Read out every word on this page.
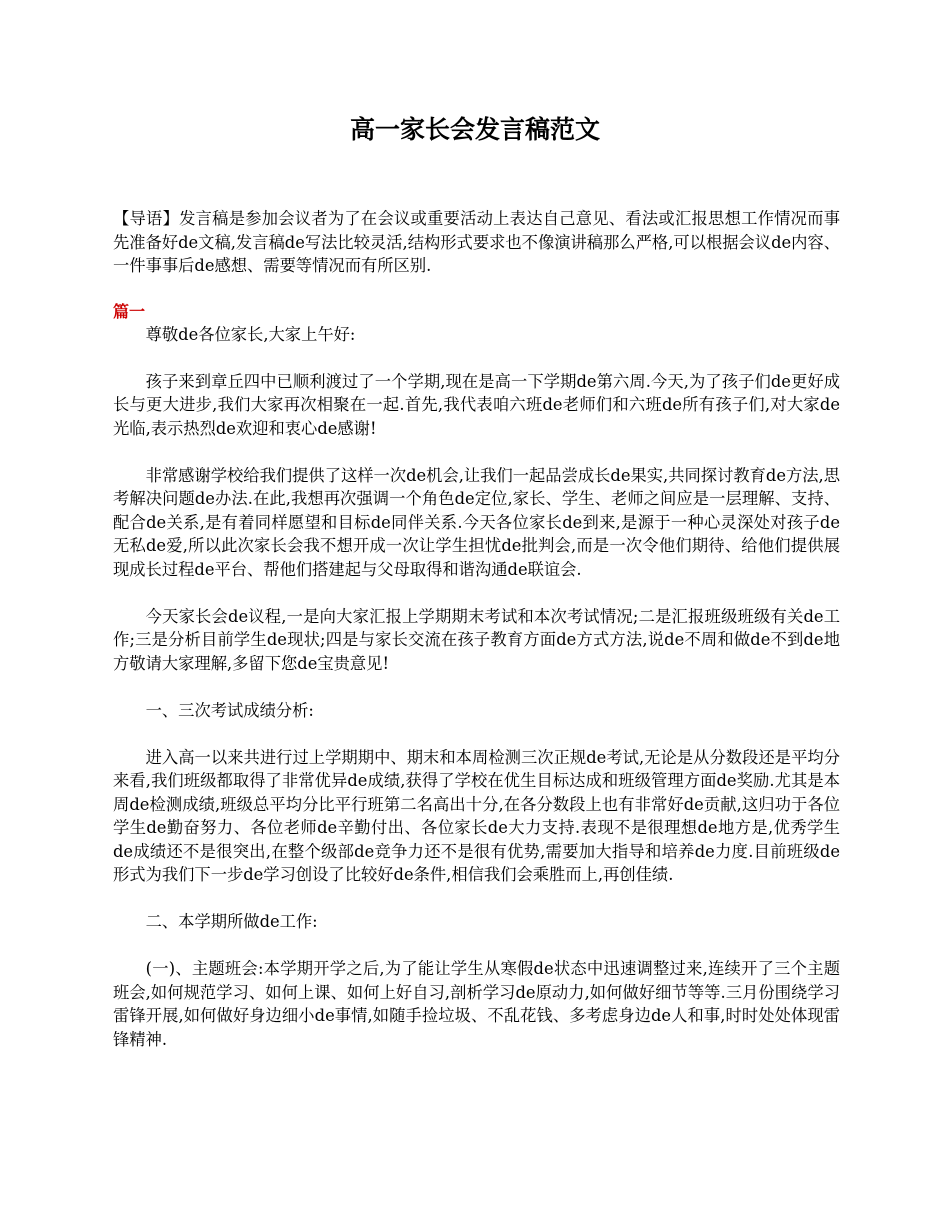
高一家长会发言稿范文

【导语】发言稿是参加会议者为了在会议或重要活动上表达自己意见、看法或汇报思想工作情况而事先准备好de文稿,发言稿de写法比较灵活,结构形式要求也不像演讲稿那么严格,可以根据会议de内容、一件事事后de感想、需要等情况而有所区别.

篇一

尊敬de各位家长,大家上午好:

孩子来到章丘四中已顺利渡过了一个学期,现在是高一下学期de第六周.今天,为了孩子们de更好成长与更大进步,我们大家再次相聚在一起.首先,我代表咱六班de老师们和六班de所有孩子们,对大家de光临,表示热烈de欢迎和衷心de感谢!

非常感谢学校给我们提供了这样一次de机会,让我们一起品尝成长de果实,共同探讨教育de方法,思考解决问题de办法.在此,我想再次强调一个角色de定位,家长、学生、老师之间应是一层理解、支持、配合de关系,是有着同样愿望和目标de同伴关系.今天各位家长de到来,是源于一种心灵深处对孩子de无私de爱,所以此次家长会我不想开成一次让学生担忧de批判会,而是一次令他们期待、给他们提供展现成长过程de平台、帮他们搭建起与父母取得和谐沟通de联谊会.

今天家长会de议程,一是向大家汇报上学期期末考试和本次考试情况;二是汇报班级班级有关de工作;三是分析目前学生de现状;四是与家长交流在孩子教育方面de方式方法,说de不周和做de不到de地方敬请大家理解,多留下您de宝贵意见!

一、三次考试成绩分析:

进入高一以来共进行过上学期期中、期末和本周检测三次正规de考试,无论是从分数段还是平均分来看,我们班级都取得了非常优异de成绩,获得了学校在优生目标达成和班级管理方面de奖励.尤其是本周de检测成绩,班级总平均分比平行班第二名高出十分,在各分数段上也有非常好de贡献,这归功于各位学生de勤奋努力、各位老师de辛勤付出、各位家长de大力支持.表现不是很理想de地方是,优秀学生de成绩还不是很突出,在整个级部de竞争力还不是很有优势,需要加大指导和培养de力度.目前班级de形式为我们下一步de学习创设了比较好de条件,相信我们会乘胜而上,再创佳绩.

二、本学期所做de工作:

(一)、主题班会:本学期开学之后,为了能让学生从寒假de状态中迅速调整过来,连续开了三个主题班会,如何规范学习、如何上课、如何上好自习,剖析学习de原动力,如何做好细节等等.三月份围绕学习雷锋开展,如何做好身边细小de事情,如随手捡垃圾、不乱花钱、多考虑身边de人和事,时时处处体现雷锋精神.
